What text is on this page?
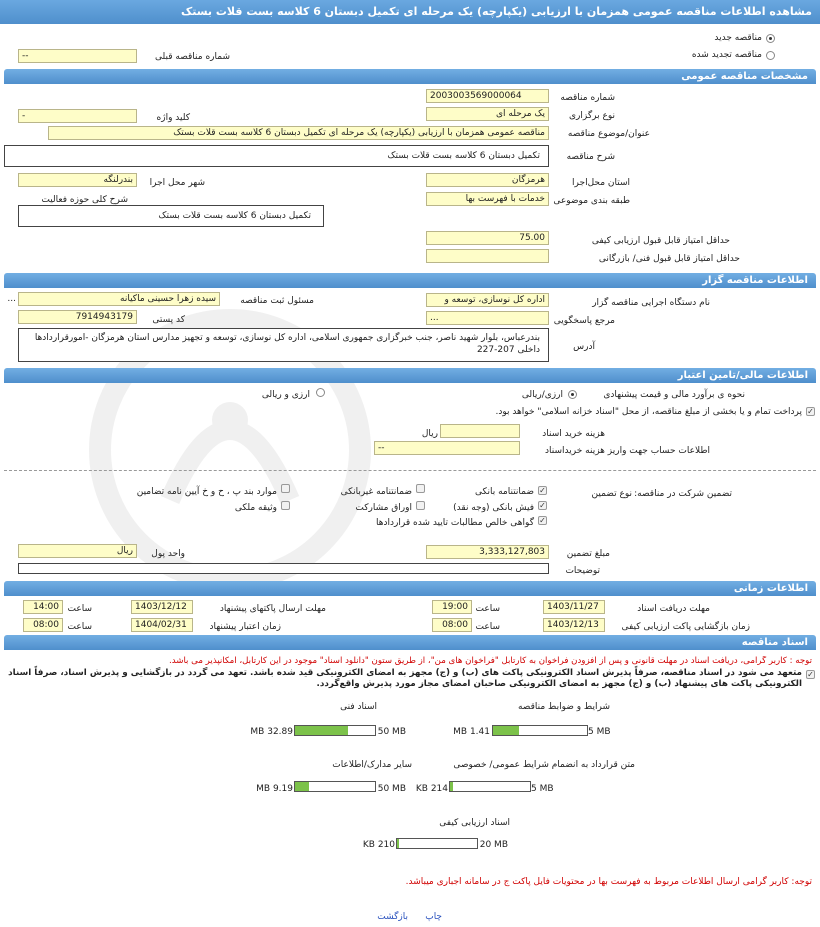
مشاهده اطلاعات مناقصه عمومی همزمان با ارزیابی (یکپارچه) یک مرحله ای تکمیل دبستان 6 کلاسه بست قلات بستک
مناقصه جدید
مناقصه تجدید شده
شماره مناقصه قبلی
--
مشخصات مناقصه عمومی
شماره مناقصه
2003003569000064
نوع برگزاری
یک مرحله ای
کلید واژه
-
عنوان/موضوع مناقصه
مناقصه عمومی همزمان با ارزیابی (یکپارچه) یک مرحله ای تکمیل دبستان 6 کلاسه بست قلات بستک
شرح مناقصه
تکمیل دبستان 6 کلاسه بست قلات بستک
استان محل‌اجرا
هرمزگان
شهر محل اجرا
بندرلنگه
طبقه بندی موضوعی
خدمات با فهرست بها
شرح کلی حوزه فعالیت
تکمیل دبستان 6 کلاسه بست قلات بستک
حداقل امتیاز قابل قبول ارزیابی کیفی
75.00
حداقل امتیاز قابل قبول فنی/ بازرگانی
اطلاعات مناقصه گزار
نام دستگاه اجرایی مناقصه گزار
اداره کل نوسازی، توسعه و
مسئول ثبت مناقصه
سیده زهرا حسینی ماکیانه
...
مرجع پاسخگویی
...
کد پستی
7914943179
آدرس
بندرعباس، بلوار شهید ناصر، جنب خبرگزاری جمهوری اسلامی، اداره کل نوسازی، توسعه و تجهیز مدارس استان هرمزگان -امورقراردادها داخلی 207-227
اطلاعات مالی/تامین اعتبار
نحوه ی برآورد مالی و قیمت پیشنهادی
ارزی/ریالی
ارزی و ریالی
✓
پرداخت تمام و یا بخشی از مبلغ مناقصه، از محل "اسناد خزانه اسلامی" خواهد بود.
هزینه خرید اسناد
ریال
اطلاعات حساب جهت واریز هزینه خریداسناد
--
تضمین شرکت در مناقصه:
نوع تضمین
✓
ضمانتنامه بانکی
ضمانتنامه غیربانکی
موارد بند پ ، ح و خ آیین نامه تضامین
✓
فیش بانکی (وجه نقد)
اوراق مشارکت
وثیقه ملکی
✓
گواهی خالص مطالبات تایید شده قراردادها
مبلغ تضمین
3,333,127,803
واحد پول
ریال
توضیحات
اطلاعات زمانی
مهلت دریافت اسناد
1403/11/27
ساعت
19:00
مهلت ارسال پاکتهای پیشنهاد
1403/12/12
ساعت
14:00
زمان بازگشایی پاکت ارزیابی کیفی
1403/12/13
ساعت
08:00
زمان اعتبار پیشنهاد
1404/02/31
ساعت
08:00
اسناد مناقصه
توجه : کاربر گرامی، دریافت اسناد در مهلت قانونی و پس از افزودن فراخوان به کارتابل "فراخوان های من"، از طریق ستون "دانلود اسناد" موجود در این کارتابل، امکانپذیر می باشد.
✓
متعهد می شود در اسناد مناقصه، صرفاً پذیرش اسناد الکترونیکی پاکت های (ب) و (ج) مجهز به امضای الکترونیکی قید شده باشد. تعهد می گردد در بازگشایی و پذیرش اسناد، صرفاً اسناد الکترونیکی پاکت های پیشنهاد (ب) و (ج) مجهز به امضای الکترونیکی صاحبان امضای مجاز مورد پذیرش واقع‌گردد.
شرایط و ضوابط مناقصه
1.41 MB	5 MB
اسناد فنی
32.89 MB	50 MB
متن قرارداد به انضمام شرایط عمومی/ خصوصی
214 KB	5 MB
سایر مدارک/اطلاعات
9.19 MB	50 MB
اسناد ارزیابی کیفی
210 KB	20 MB
توجه: کاربر گرامی ارسال اطلاعات مربوط به فهرست بها در محتویات فایل پاکت ج در سامانه اجباری میباشد.
چاپ
بازگشت
